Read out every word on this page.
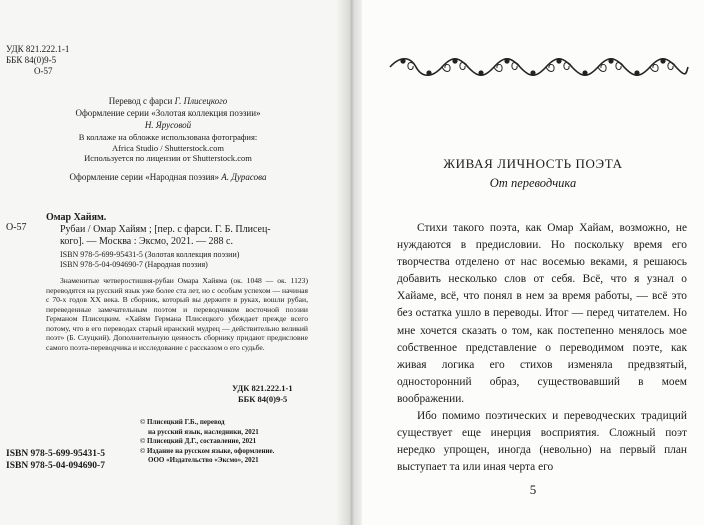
УДК 821.222.1-1
ББК 84(0)9-5
О-57
Перевод с фарси Г. Плисецкого
Оформление серии «Золотая коллекция поэзии»
Н. Ярусовой
В коллаже на обложке использована фотография:
Africa Studio / Shutterstock.com
Используется по лицензии от Shutterstock.com
Оформление серии «Народная поэзия» А. Дурасова
О-57
Омар Хайям.
Рубаи / Омар Хайям ; [пер. с фарси. Г. Б. Плисец-
кого]. — Москва : Эксмо, 2021. — 288 с.
ISBN 978-5-699-95431-5 (Золотая коллекция поэзии)
ISBN 978-5-04-094690-7 (Народная поэзия)
Знаменитые четверостишия-рубаи Омара Хайяма (ок. 1048 — ок. 1123) переводятся на русский язык уже более ста лет, но с особым успехом — начиная с 70-х годов XX века. В сборник, который вы держите в руках, вошли рубаи, переведенные замечательным поэтом и переводчиком восточной поэзии Германом Плисецким. «Хайям Германа Плисецкого убеждает прежде всего потому, что в его переводах старый иранский мудрец — действительно великий поэт» (Б. Слуцкий). Дополнительную ценность сборнику придают предисловие самого поэта-переводчика и исследование с рассказом о его судьбе.
УДК 821.222.1-1
ББК 84(0)9-5
© Плисецкий Г.Б., перевод
на русский язык, наследники, 2021
© Плисецкий Д.Г., составление, 2021
© Издание на русском языке, оформление.
ООО «Издательство «Эксмо», 2021
ISBN 978-5-699-95431-5
ISBN 978-5-04-094690-7
ЖИВАЯ ЛИЧНОСТЬ ПОЭТА
От переводчика

Стихи такого поэта, как Омар Хайам, возможно, не нуждаются в предисловии. Но поскольку время его творчества отделено от нас восемью веками, я решаюсь добавить несколько слов от себя. Всё, что я узнал о Хайаме, всё, что понял в нем за время работы, — всё это без остатка ушло в переводы. Итог — перед читателем. Но мне хочется сказать о том, как постепенно менялось мое собственное представление о переводимом поэте, как живая логика его стихов изменяла предвзятый, односторонний образ, существовавший в моем воображении.

Ибо помимо поэтических и переводческих традиций существует еще инерция восприятия. Сложный поэт нередко упрощен, иногда (невольно) на первый план выступает та или иная черта его

5
